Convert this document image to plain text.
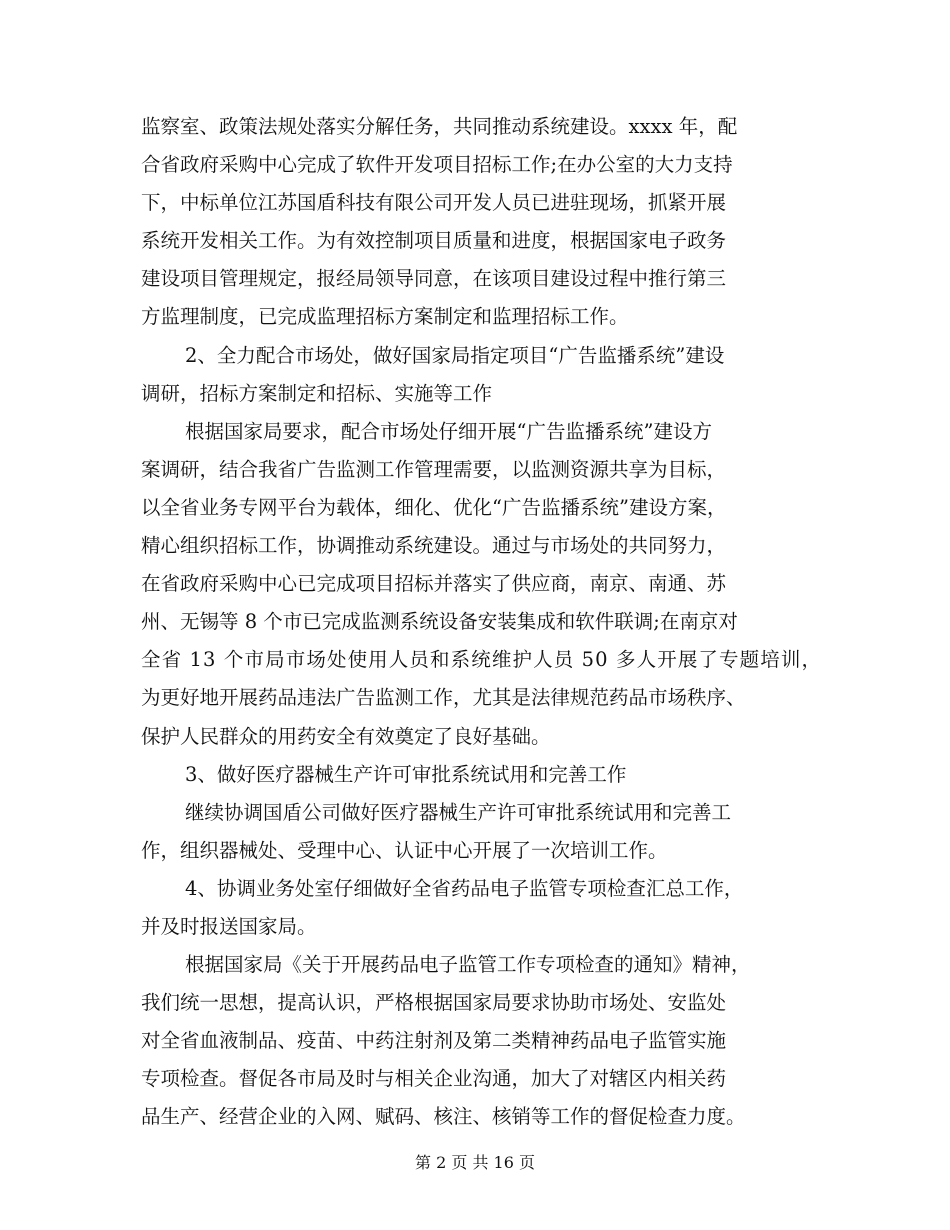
监察室、政策法规处落实分解任务，共同推动系统建设。xxxx 年，配
合省政府采购中心完成了软件开发项目招标工作;在办公室的大力支持
下，中标单位江苏国盾科技有限公司开发人员已进驻现场，抓紧开展
系统开发相关工作。为有效控制项目质量和进度，根据国家电子政务
建设项目管理规定，报经局领导同意，在该项目建设过程中推行第三
方监理制度，已完成监理招标方案制定和监理招标工作。
2、全力配合市场处，做好国家局指定项目“广告监播系统”建设
调研，招标方案制定和招标、实施等工作
根据国家局要求，配合市场处仔细开展“广告监播系统”建设方
案调研，结合我省广告监测工作管理需要，以监测资源共享为目标，
以全省业务专网平台为载体，细化、优化“广告监播系统”建设方案，
精心组织招标工作，协调推动系统建设。通过与市场处的共同努力，
在省政府采购中心已完成项目招标并落实了供应商，南京、南通、苏
州、无锡等 8 个市已完成监测系统设备安装集成和软件联调;在南京对
全省 13 个市局市场处使用人员和系统维护人员 50 多人开展了专题培训，
为更好地开展药品违法广告监测工作，尤其是法律规范药品市场秩序、
保护人民群众的用药安全有效奠定了良好基础。
3、做好医疗器械生产许可审批系统试用和完善工作
继续协调国盾公司做好医疗器械生产许可审批系统试用和完善工
作，组织器械处、受理中心、认证中心开展了一次培训工作。
4、协调业务处室仔细做好全省药品电子监管专项检查汇总工作，
并及时报送国家局。
根据国家局《关于开展药品电子监管工作专项检查的通知》精神，
我们统一思想，提高认识，严格根据国家局要求协助市场处、安监处
对全省血液制品、疫苗、中药注射剂及第二类精神药品电子监管实施
专项检查。督促各市局及时与相关企业沟通，加大了对辖区内相关药
品生产、经营企业的入网、赋码、核注、核销等工作的督促检查力度。
第 2 页 共 16 页
